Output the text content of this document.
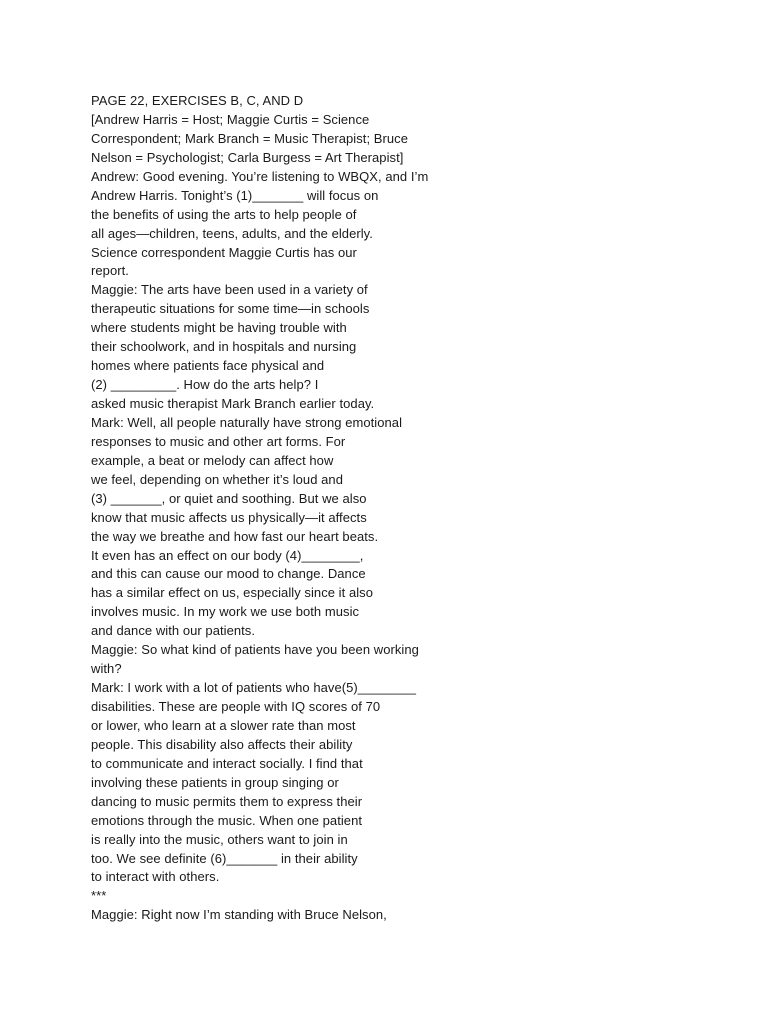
PAGE 22, EXERCISES B, C, AND D
[Andrew Harris = Host; Maggie Curtis = Science
Correspondent; Mark Branch = Music Therapist; Bruce
Nelson = Psychologist; Carla Burgess = Art Therapist]
Andrew: Good evening. You’re listening to WBQX, and I’m
Andrew Harris. Tonight’s (1)_______ will focus on
the benefits of using the arts to help people of
all ages—children, teens, adults, and the elderly.
Science correspondent Maggie Curtis has our
report.
Maggie: The arts have been used in a variety of
therapeutic situations for some time—in schools
where students might be having trouble with
their schoolwork, and in hospitals and nursing
homes where patients face physical and
(2) _________. How do the arts help? I
asked music therapist Mark Branch earlier today.
Mark: Well, all people naturally have strong emotional
responses to music and other art forms. For
example, a beat or melody can affect how
we feel, depending on whether it’s loud and
(3) _______, or quiet and soothing. But we also
know that music affects us physically—it affects
the way we breathe and how fast our heart beats.
It even has an effect on our body (4)________,
and this can cause our mood to change. Dance
has a similar effect on us, especially since it also
involves music. In my work we use both music
and dance with our patients.
Maggie: So what kind of patients have you been working
with?
Mark: I work with a lot of patients who have(5)________
disabilities. These are people with IQ scores of 70
or lower, who learn at a slower rate than most
people. This disability also affects their ability
to communicate and interact socially. I find that
involving these patients in group singing or
dancing to music permits them to express their
emotions through the music. When one patient
is really into the music, others want to join in
too. We see definite (6)_______ in their ability
to interact with others.
***
Maggie: Right now I’m standing with Bruce Nelson,
